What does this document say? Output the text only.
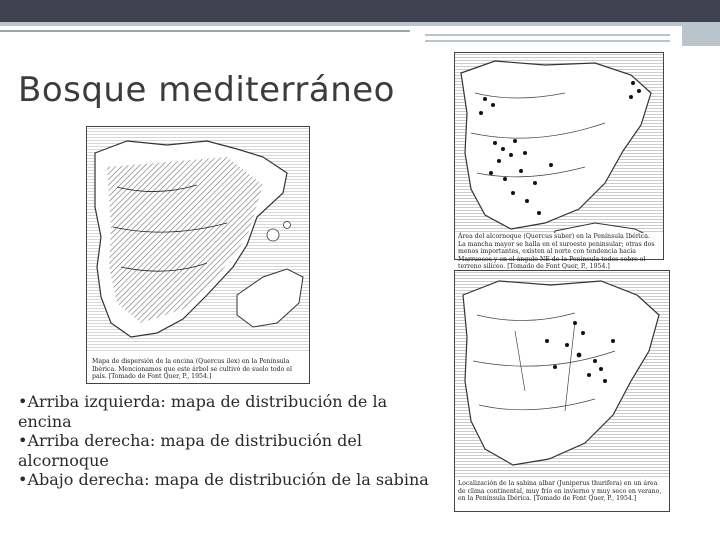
Bosque mediterráneo
Mapa de dispersión de la encina (Quercus ilex) en la Península Ibérica. Mencionamos que este árbol se cultivó de suelo todo el país. [Tomado de Font Quer, P., 1954.]
Área del alcornoque (Quercus suber) en la Península Ibérica. La mancha mayor se halla en el suroeste peninsular; otras dos menos importantes, existen al norte con tendencia hacia Marruecos y en el ángulo NE de la Península todos sobre el terreno silíceo. [Tomado de Font Quer, P., 1954.]
Localización de la sabina albar (Juniperus thurifera) en un área de clima continental, muy frío en invierno y muy seco en verano, en la Península Ibérica. [Tomado de Font Quer, P., 1954.]

•Arriba izquierda: mapa de distribución de la encina

•Arriba derecha: mapa de distribución del alcornoque

•Abajo derecha: mapa de distribución de la sabina
